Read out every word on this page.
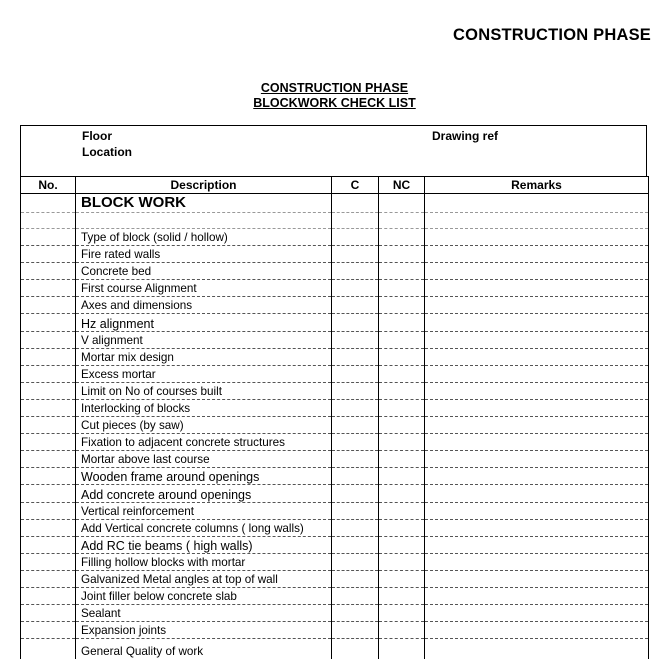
CONSTRUCTION PHASE
CONSTRUCTION PHASE
BLOCKWORK CHECK LIST
Floor
Location
Drawing ref
No.	Description	C	NC	Remarks
	BLOCK WORK			

	Type of block (solid / hollow)			
	Fire rated walls			
	Concrete bed			
	First course Alignment			
	Axes and dimensions			
	Hz alignment			
	V alignment			
	Mortar mix design			
	Excess mortar			
	Limit on No of courses built			
	Interlocking of blocks			
	Cut pieces (by saw)			
	Fixation to adjacent concrete structures			
	Mortar above last course			
	Wooden frame around openings			
	Add concrete around openings			
	Vertical reinforcement			
	Add Vertical concrete columns ( long walls)			
	Add RC tie beams ( high walls)			
	Filling hollow blocks with mortar			
	Galvanized Metal angles at top of wall			
	Joint filler below concrete slab			
	Sealant			
	Expansion joints			
	General Quality of work			
